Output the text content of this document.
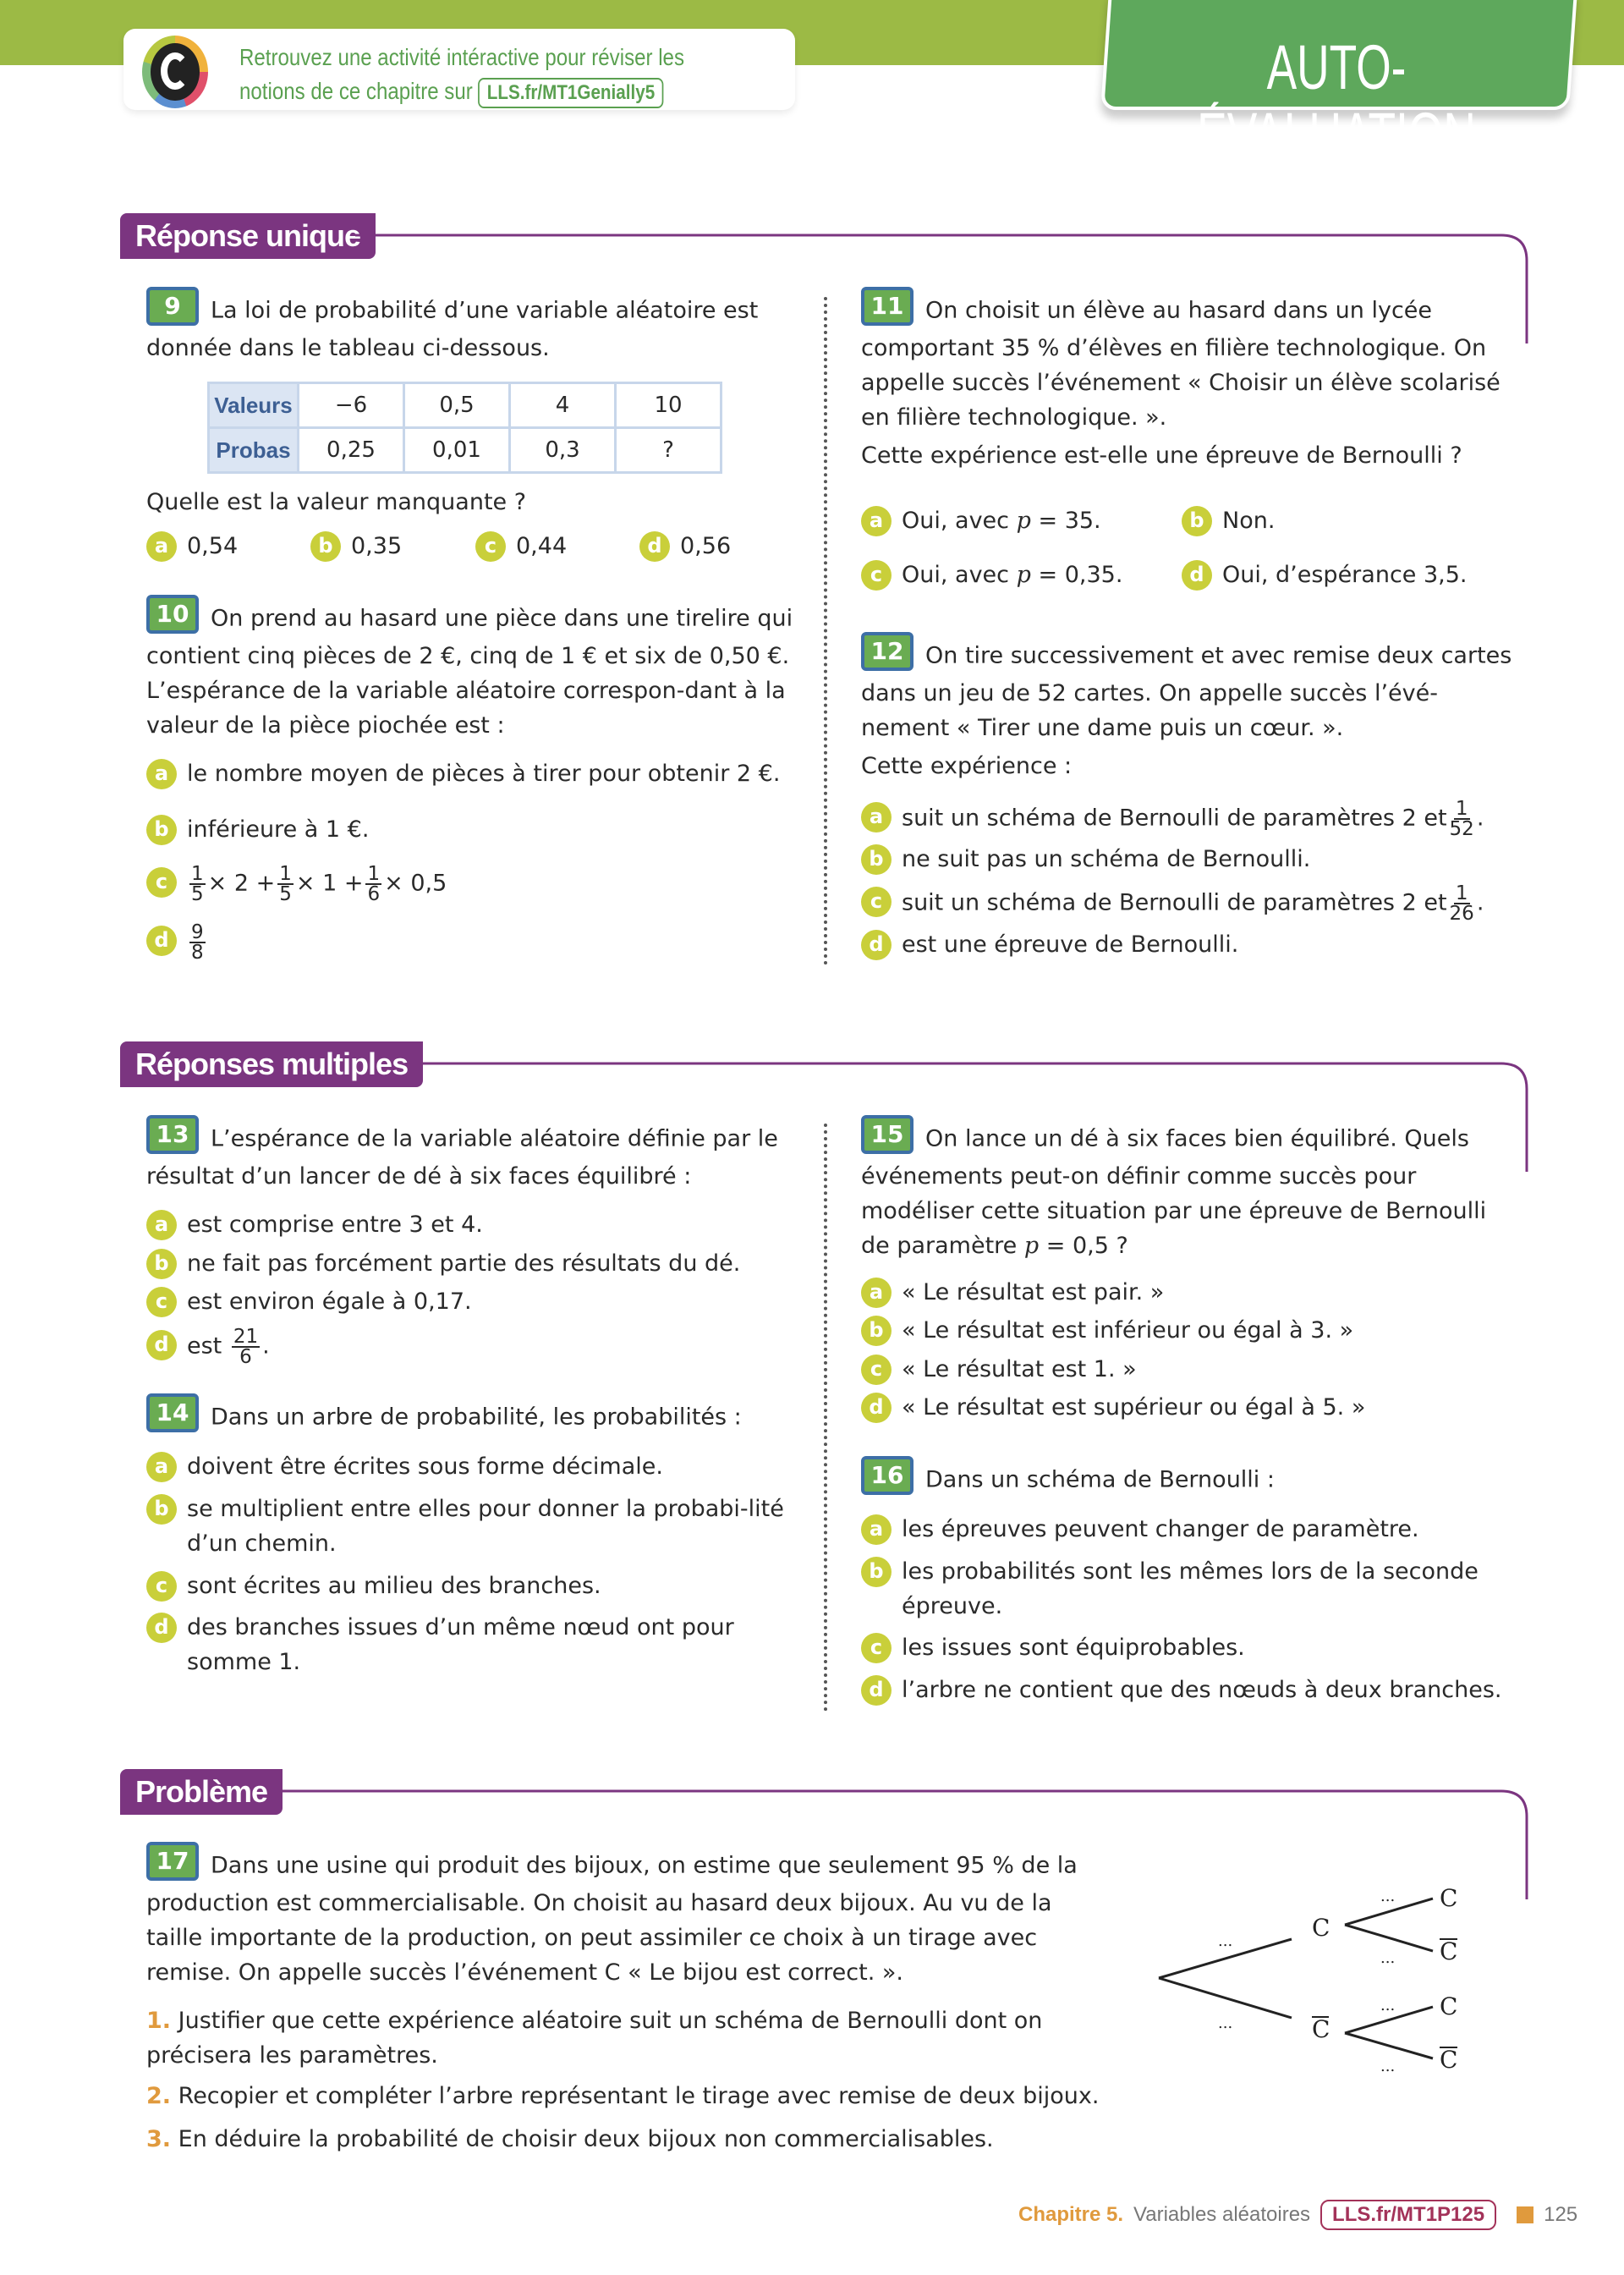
Retrouvez une activité intéractive pour réviser les
notions de ce chapitre sur LLS.fr/MT1Genially5	AUTO-ÉVALUATION
Réponse unique
9 La loi de probabilité d’une variable aléatoire est donnée dans le tableau ci-dessous.
Valeurs	−6	0,5	4	10
Probas	0,25	0,01	0,3	?
Quelle est la valeur manquante ?
a 0,54	b 0,35	c 0,44	d 0,56
10 On prend au hasard une pièce dans une tirelire qui contient cinq pièces de 2 €, cinq de 1 € et six de 0,50 €. L’espérance de la variable aléatoire correspon-dant à la valeur de la pièce piochée est :
a le nombre moyen de pièces à tirer pour obtenir 2 €.
b inférieure à 1 €.
c	$\frac{1}{5} \times 2 + \frac{1}{5} \times 1 + \frac{1}{6} \times 0,5$
d	$\frac{9}{8}$
11 On choisit un élève au hasard dans un lycée comportant 35 % d’élèves en filière technologique. On appelle succès l’événement « Choisir un élève scolarisé en filière technologique. ».
Cette expérience est-elle une épreuve de Bernoulli ?
a Oui, avec p = 35.	b Non.
c Oui, avec p = 0,35.	d Oui, d’espérance 3,5.
12 On tire successivement et avec remise deux cartes dans un jeu de 52 cartes. On appelle succès l’évé-nement « Tirer une dame puis un cœur. ».
Cette expérience :
a suit un schéma de Bernoulli de paramètres 2 et $\frac{1}{52}$ .
b ne suit pas un schéma de Bernoulli.
c suit un schéma de Bernoulli de paramètres 2 et $\frac{1}{26}$ .
d est une épreuve de Bernoulli.
Réponses multiples
13 L’espérance de la variable aléatoire définie par le résultat d’un lancer de dé à six faces équilibré :
a est comprise entre 3 et 4.
b ne fait pas forcément partie des résultats du dé.
c est environ égale à 0,17.
d est $\frac{21}{6}$ .
14 Dans un arbre de probabilité, les probabilités :
a doivent être écrites sous forme décimale.
b se multiplient entre elles pour donner la probabi-lité d’un chemin.
c sont écrites au milieu des branches.
d des branches issues d’un même nœud ont pour somme 1.
15 On lance un dé à six faces bien équilibré. Quels événements peut-on définir comme succès pour modéliser cette situation par une épreuve de Bernoulli de paramètre p = 0,5 ?
a « Le résultat est pair. »
b « Le résultat est inférieur ou égal à 3. »
c « Le résultat est 1. »
d « Le résultat est supérieur ou égal à 5. »
16 Dans un schéma de Bernoulli :
a les épreuves peuvent changer de paramètre.
b les probabilités sont les mêmes lors de la seconde épreuve.
c les issues sont équiprobables.
d l’arbre ne contient que des nœuds à deux branches.
Problème
17 Dans une usine qui produit des bijoux, on estime que seulement 95 % de la production est commercialisable. On choisit au hasard deux bijoux. Au vu de la taille importante de la production, on peut assimiler ce choix à un tirage avec remise. On appelle succès l’événement C « Le bijou est correct. ».
1. Justifier que cette expérience aléatoire suit un schéma de Bernoulli dont on précisera les paramètres.
2. Recopier et compléter l’arbre représentant le tirage avec remise de deux bijoux.
3. En déduire la probabilité de choisir deux bijoux non commercialisables.
...
...
...
...
...
...
C
C
C
C
C
C
Chapitre 5. Variables aléatoires	LLS.fr/MT1P125	125
